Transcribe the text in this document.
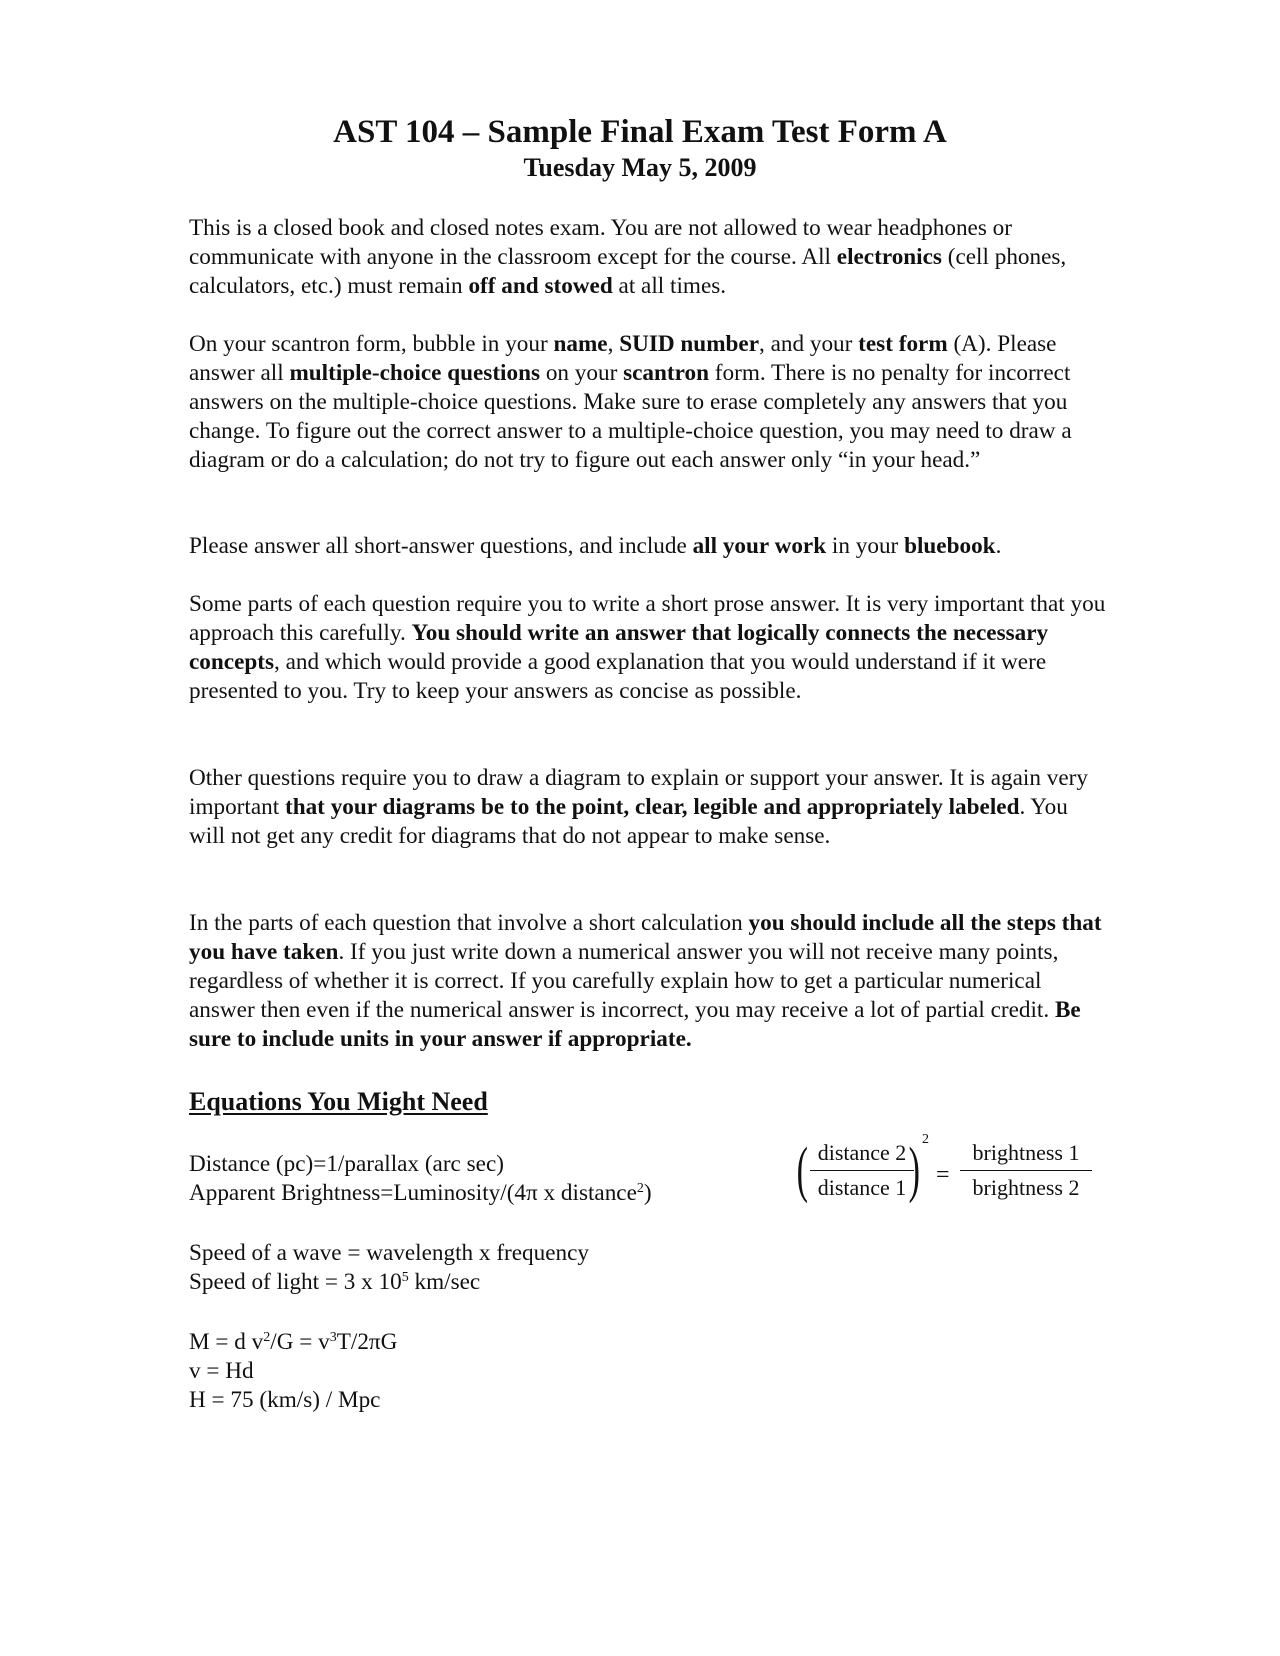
AST 104 – Sample Final Exam Test Form A
Tuesday May 5, 2009
This is a closed book and closed notes exam. You are not allowed to wear headphones or communicate with anyone in the classroom except for the course. All electronics (cell phones, calculators, etc.) must remain off and stowed at all times.
On your scantron form, bubble in your name, SUID number, and your test form (A). Please answer all multiple-choice questions on your scantron form. There is no penalty for incorrect answers on the multiple-choice questions. Make sure to erase completely any answers that you change. To figure out the correct answer to a multiple-choice question, you may need to draw a diagram or do a calculation; do not try to figure out each answer only “in your head.”
Please answer all short-answer questions, and include all your work in your bluebook.
Some parts of each question require you to write a short prose answer. It is very important that you approach this carefully. You should write an answer that logically connects the necessary concepts, and which would provide a good explanation that you would understand if it were presented to you. Try to keep your answers as concise as possible.
Other questions require you to draw a diagram to explain or support your answer. It is again very important that your diagrams be to the point, clear, legible and appropriately labeled. You will not get any credit for diagrams that do not appear to make sense.
In the parts of each question that involve a short calculation you should include all the steps that you have taken. If you just write down a numerical answer you will not receive many points, regardless of whether it is correct. If you carefully explain how to get a particular numerical answer then even if the numerical answer is incorrect, you may receive a lot of partial credit. Be sure to include units in your answer if appropriate.
Equations You Might Need
Distance (pc)=1/parallax (arc sec)
Apparent Brightness=Luminosity/(4π x distance$^2$)
Speed of a wave = wavelength x frequency
Speed of light = 3 x $10^5$ km/sec
M = d $v^2/G = v^3T/2\pi G$
v = Hd
H = 75 (km/s) / Mpc
( distance 2
distance 1 ) 2
=
brightness 1
brightness 2
